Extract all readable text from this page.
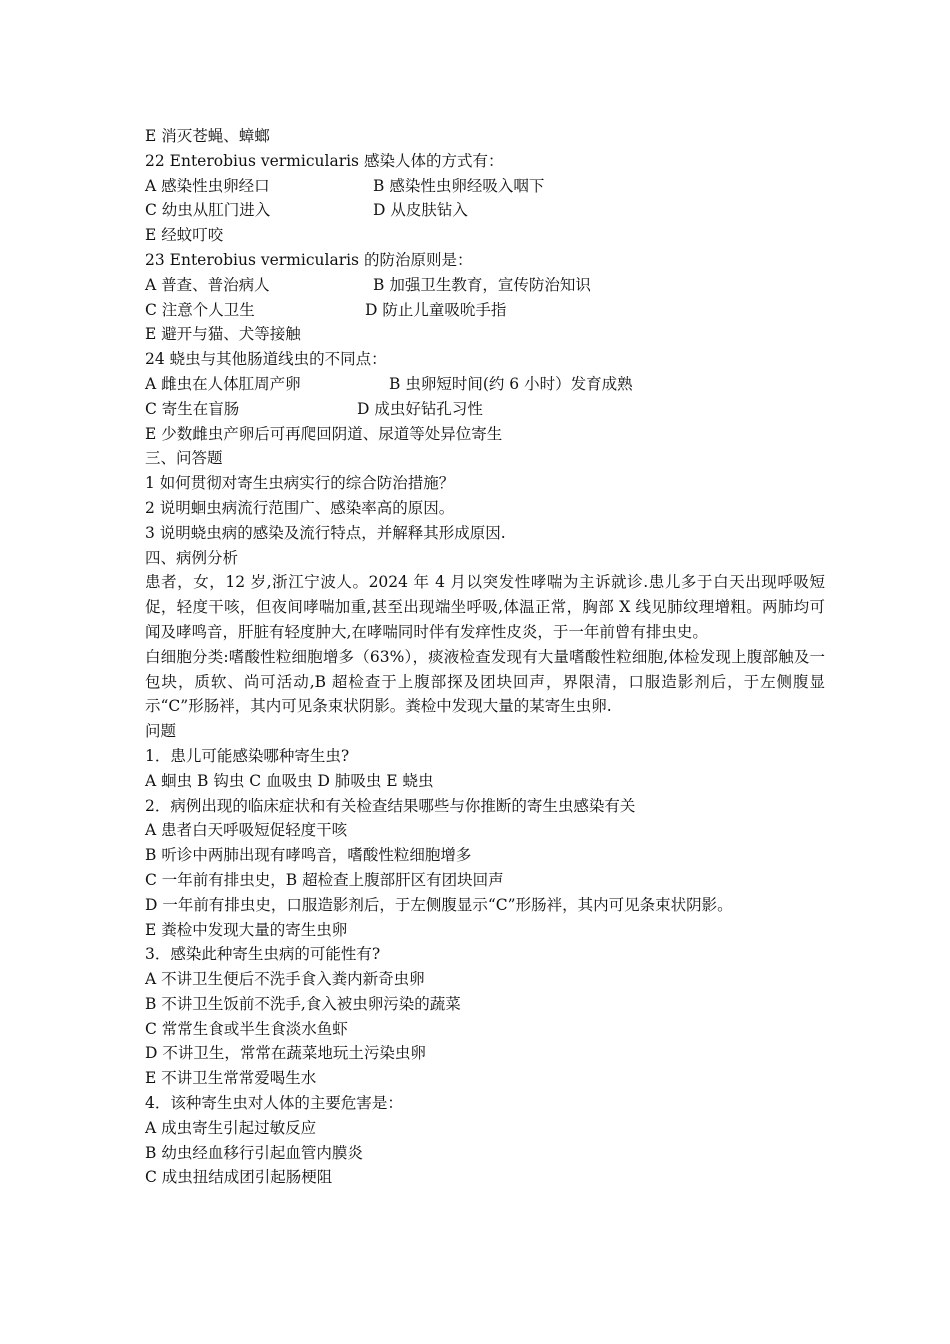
E 消灭苍蝇、蟑螂
22 Enterobius vermicularis 感染人体的方式有：
A 感染性虫卵经口	B 感染性虫卵经吸入咽下
C 幼虫从肛门进入	D 从皮肤钻入
E 经蚊叮咬
23 Enterobius vermicularis 的防治原则是：
A 普查、普治病人	B 加强卫生教育，宣传防治知识
C 注意个人卫生	D 防止儿童吸吮手指
E 避开与猫、犬等接触
24 蛲虫与其他肠道线虫的不同点：
A 雌虫在人体肛周产卵	B 虫卵短时间(约 6 小时）发育成熟
C 寄生在盲肠	D 成虫好钻孔习性
E 少数雌虫产卵后可再爬回阴道、尿道等处异位寄生
三、问答题
1 如何贯彻对寄生虫病实行的综合防治措施？
2 说明蛔虫病流行范围广、感染率高的原因。
3 说明蛲虫病的感染及流行特点，并解释其形成原因.
四、病例分析
患者，女，12 岁,浙江宁波人。2024 年 4 月以突发性哮喘为主诉就诊.患儿多于白天出现呼吸短促，轻度干咳，但夜间哮喘加重,甚至出现端坐呼吸,体温正常，胸部 X 线见肺纹理增粗。两肺均可闻及哮鸣音，肝脏有轻度肿大,在哮喘同时伴有发痒性皮炎，于一年前曾有排虫史。
白细胞分类:嗜酸性粒细胞增多（63%），痰液检查发现有大量嗜酸性粒细胞,体检发现上腹部触及一包块，质软、尚可活动,B 超检查于上腹部探及团块回声，界限清，口服造影剂后，于左侧腹显示“C”形肠袢，其内可见条束状阴影。粪检中发现大量的某寄生虫卵.
问题
1．患儿可能感染哪种寄生虫?
A 蛔虫 B 钩虫 C 血吸虫 D 肺吸虫 E 蛲虫
2．病例出现的临床症状和有关检查结果哪些与你推断的寄生虫感染有关
A 患者白天呼吸短促轻度干咳
B 听诊中两肺出现有哮鸣音，嗜酸性粒细胞增多
C 一年前有排虫史，B 超检查上腹部肝区有团块回声
D 一年前有排虫史，口服造影剂后，于左侧腹显示“C”形肠袢，其内可见条束状阴影。
E 粪检中发现大量的寄生虫卵
3．感染此种寄生虫病的可能性有?
A 不讲卫生便后不洗手食入粪内新奇虫卵
B 不讲卫生饭前不洗手,食入被虫卵污染的蔬菜
C 常常生食或半生食淡水鱼虾
D 不讲卫生，常常在蔬菜地玩土污染虫卵
E 不讲卫生常常爱喝生水
4．该种寄生虫对人体的主要危害是：
A 成虫寄生引起过敏反应
B 幼虫经血移行引起血管内膜炎
C 成虫扭结成团引起肠梗阻
